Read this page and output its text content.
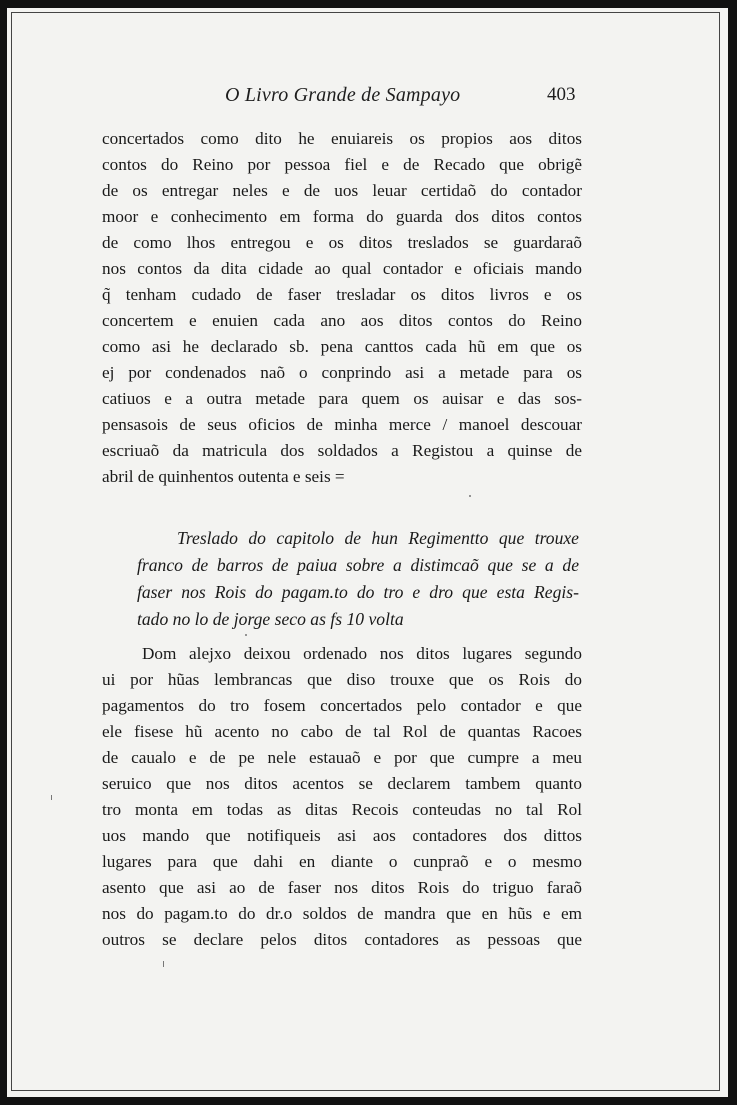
O Livro Grande de Sampayo	403
concertados como dito he enuiareis os propios aos ditos
contos do Reino por pessoa fiel e de Recado que obrigẽ
de os entregar neles e de uos leuar certidaõ do contador
moor e conhecimento em forma do guarda dos ditos contos
de como lhos entregou e os ditos treslados se guardaraõ
nos contos da dita cidade ao qual contador e oficiais mando
q̃ tenham cudado de faser tresladar os ditos livros e os
concertem e enuien cada ano aos ditos contos do Reino
como asi he declarado sb. pena canttos cada hũ em que os
ej por condenados naõ o conprindo asi a metade para os
catiuos e a outra metade para quem os auisar e das sos-
pensasois de seus oficios de minha merce / manoel descouar
escriuaõ da matricula dos soldados a Registou a quinse de
abril de quinhentos outenta e seis =
Treslado do capitolo de hun Regimentto que trouxe
franco de barros de paiua sobre a distimcaõ que se a de
faser nos Rois do pagam.to do tro e dro que esta Regis-
tado no lo de jorge seco as fs 10 volta
Dom alejxo deixou ordenado nos ditos lugares segundo
ui por hũas lembrancas que diso trouxe que os Rois do
pagamentos do tro fosem concertados pelo contador e que
ele fisese hũ acento no cabo de tal Rol de quantas Racoes
de caualo e de pe nele estauaõ e por que cumpre a meu
seruico que nos ditos acentos se declarem tambem quanto
tro monta em todas as ditas Recois conteudas no tal Rol
uos mando que notifiqueis asi aos contadores dos dittos
lugares para que dahi en diante o cunpraõ e o mesmo
asento que asi ao de faser nos ditos Rois do triguo faraõ
nos do pagam.to do dr.o soldos de mandra que en hũs e em
outros se declare pelos ditos contadores as pessoas que
